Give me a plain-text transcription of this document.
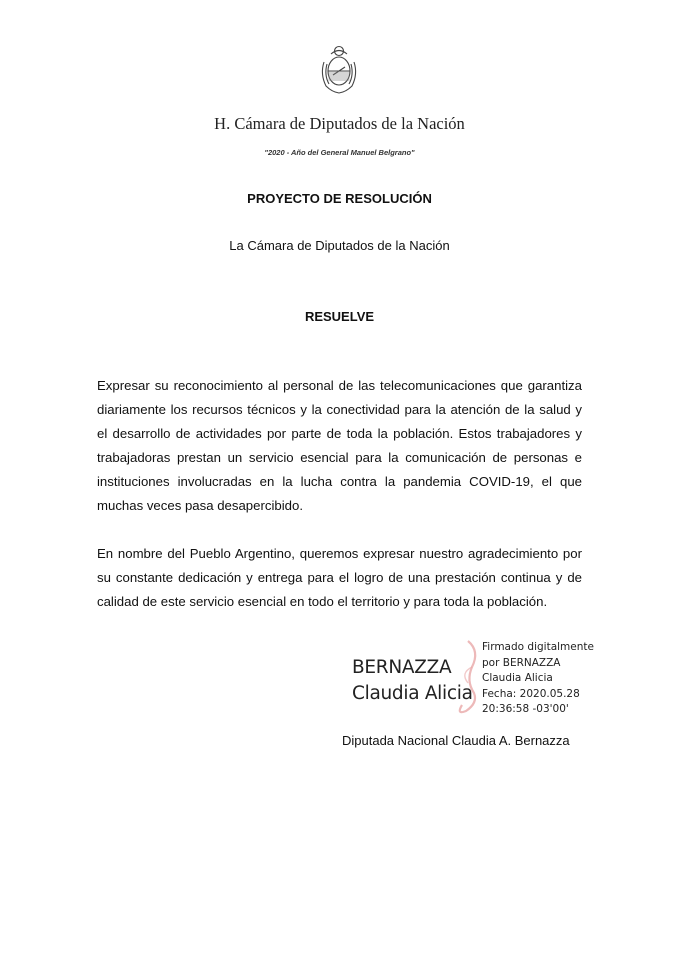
H. Cámara de Diputados de la Nación
"2020 - Año del General Manuel Belgrano"
PROYECTO DE RESOLUCIÓN
La Cámara de Diputados de la Nación
RESUELVE

Expresar su reconocimiento al personal de las telecomunicaciones que garantiza diariamente los recursos técnicos y la conectividad para la atención de la salud y el desarrollo de actividades por parte de toda la población. Estos trabajadores y trabajadoras prestan un servicio esencial para la comunicación de personas e instituciones involucradas en la lucha contra la pandemia COVID-19, el que muchas veces pasa desapercibido.

En nombre del Pueblo Argentino, queremos expresar nuestro agradecimiento por su constante dedicación y entrega para el logro de una prestación continua y de calidad de este servicio esencial en todo el territorio y para toda la población.

BERNAZZA
Claudia Alicia
Firmado digitalmente
por BERNAZZA
Claudia Alicia
Fecha: 2020.05.28
20:36:58 -03'00'
Diputada Nacional Claudia A. Bernazza
